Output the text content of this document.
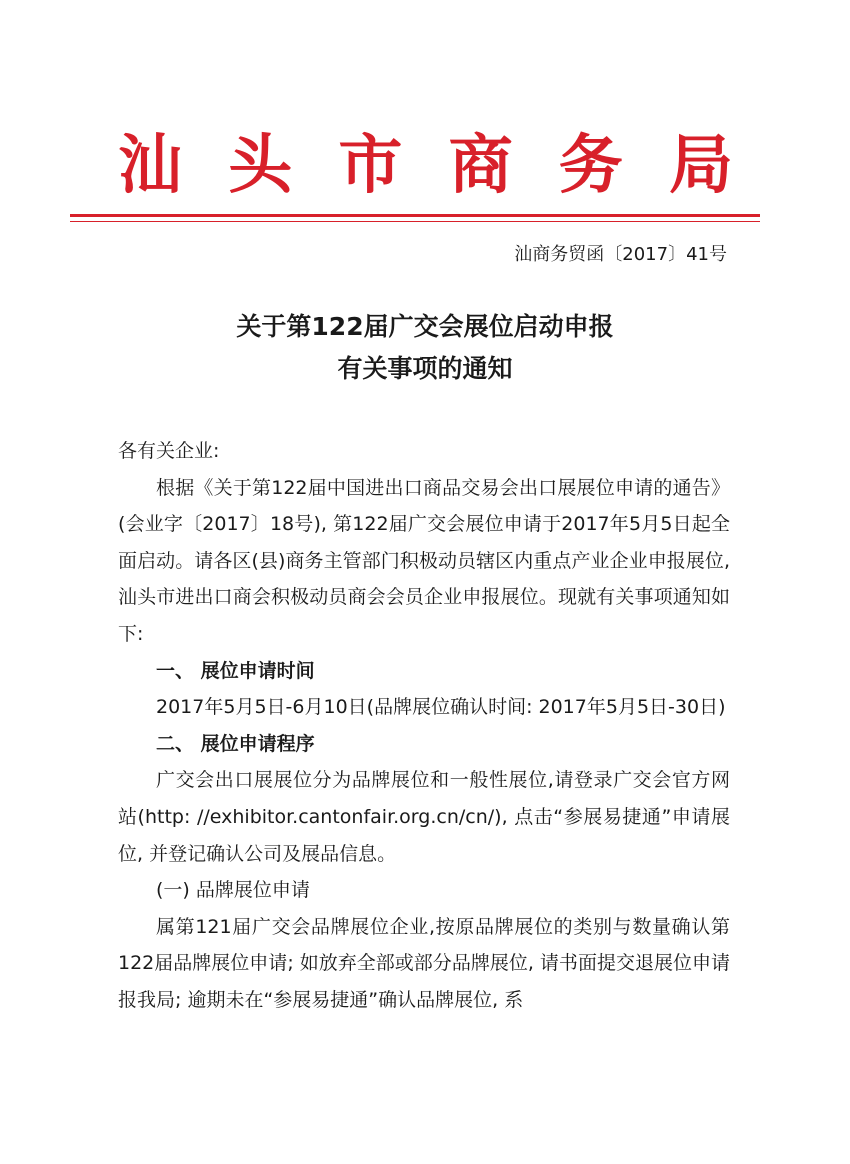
汕 头 市 商 务 局
汕商务贸函〔2017〕41号
关于第122届广交会展位启动申报
有关事项的通知

各有关企业:

根据《关于第122届中国进出口商品交易会出口展展位申请的通告》(会业字〔2017〕18号), 第122届广交会展位申请于2017年5月5日起全面启动。请各区(县)商务主管部门积极动员辖区内重点产业企业申报展位,汕头市进出口商会积极动员商会会员企业申报展位。现就有关事项通知如下:

一、 展位申请时间

2017年5月5日-6月10日(品牌展位确认时间: 2017年5月5日-30日)

二、 展位申请程序

广交会出口展展位分为品牌展位和一般性展位,请登录广交会官方网站(http: //exhibitor.cantonfair.org.cn/cn/), 点击“参展易捷通”申请展位, 并登记确认公司及展品信息。

(一) 品牌展位申请

属第121届广交会品牌展位企业,按原品牌展位的类别与数量确认第122届品牌展位申请; 如放弃全部或部分品牌展位, 请书面提交退展位申请报我局; 逾期未在“参展易捷通”确认品牌展位, 系
